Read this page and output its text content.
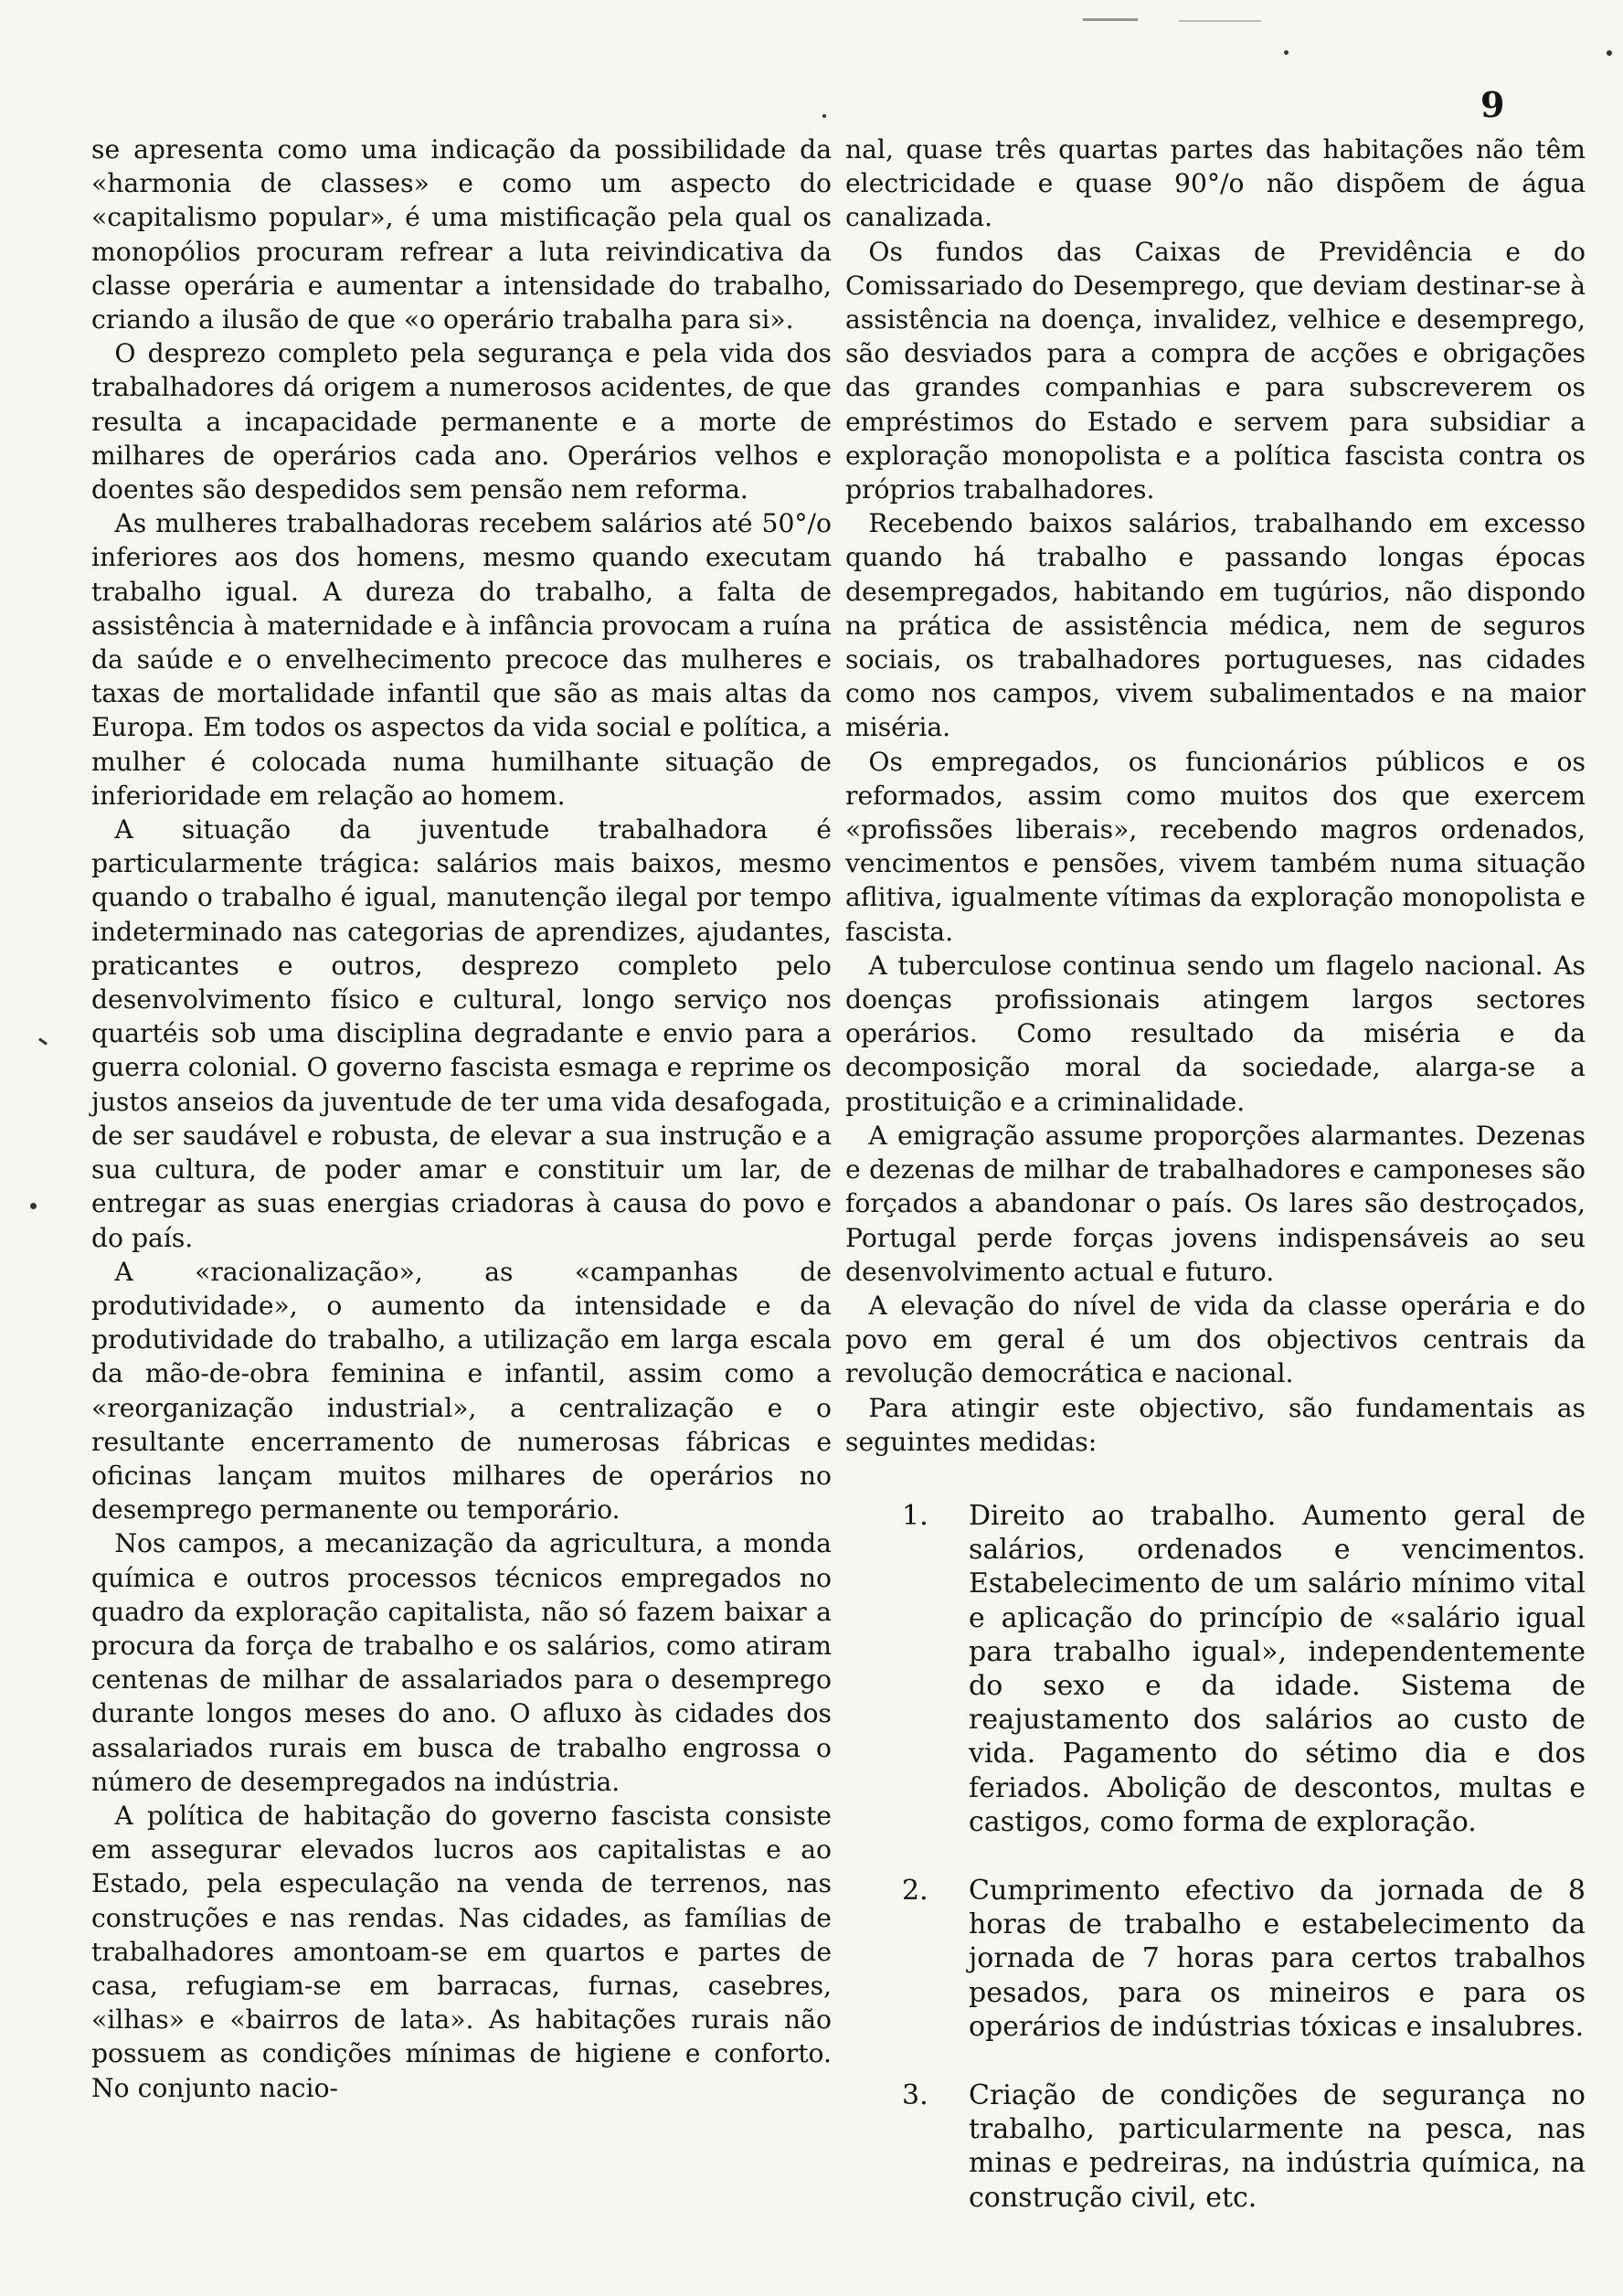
9

se apresenta como uma indicação da possibilidade da «harmonia de classes» e como um aspecto do «capitalismo popular», é uma mistificação pela qual os monopólios procuram refrear a luta reivindicativa da classe operária e aumentar a intensidade do trabalho, criando a ilusão de que «o operário trabalha para si».

O desprezo completo pela segurança e pela vida dos trabalhadores dá origem a numerosos acidentes, de que resulta a incapacidade permanente e a morte de milhares de operários cada ano. Operários velhos e doentes são despedidos sem pensão nem reforma.

As mulheres trabalhadoras recebem salários até 50°/o inferiores aos dos homens, mesmo quando executam trabalho igual. A dureza do trabalho, a falta de assistência à maternidade e à infância provocam a ruína da saúde e o envelhecimento precoce das mulheres e taxas de mortalidade infantil que são as mais altas da Europa. Em todos os aspectos da vida social e política, a mulher é colocada numa humilhante situação de inferioridade em relação ao homem.

A situação da juventude trabalhadora é particularmente trágica: salários mais baixos, mesmo quando o trabalho é igual, manutenção ilegal por tempo indeterminado nas categorias de aprendizes, ajudantes, praticantes e outros, desprezo completo pelo desenvolvimento físico e cultural, longo serviço nos quartéis sob uma disciplina degradante e envio para a guerra colonial. O governo fascista esmaga e reprime os justos anseios da juventude de ter uma vida desafogada, de ser saudável e robusta, de elevar a sua instrução e a sua cultura, de poder amar e constituir um lar, de entregar as suas energias criadoras à causa do povo e do país.

A «racionalização», as «campanhas de produtividade», o aumento da intensidade e da produtividade do trabalho, a utilização em larga escala da mão-de-obra feminina e infantil, assim como a «reorganização industrial», a centralização e o resultante encerramento de numerosas fábricas e oficinas lançam muitos milhares de operários no desemprego permanente ou temporário.

Nos campos, a mecanização da agricultura, a monda química e outros processos técnicos empregados no quadro da exploração capitalista, não só fazem baixar a procura da força de trabalho e os salários, como atiram centenas de milhar de assalariados para o desemprego durante longos meses do ano. O afluxo às cidades dos assalariados rurais em busca de trabalho engrossa o número de desempregados na indústria.

A política de habitação do governo fascista consiste em assegurar elevados lucros aos capitalistas e ao Estado, pela especulação na venda de terrenos, nas construções e nas rendas. Nas cidades, as famílias de trabalhadores amontoam-se em quartos e partes de casa, refugiam-se em barracas, furnas, casebres, «ilhas» e «bairros de lata». As habitações rurais não possuem as condições mínimas de higiene e conforto. No conjunto nacio-

nal, quase três quartas partes das habitações não têm electricidade e quase 90°/o não dispõem de água canalizada.

Os fundos das Caixas de Previdência e do Comissariado do Desemprego, que deviam destinar-se à assistência na doença, invalidez, velhice e desemprego, são desviados para a compra de acções e obrigações das grandes companhias e para subscreverem os empréstimos do Estado e servem para subsidiar a exploração monopolista e a política fascista contra os próprios trabalhadores.

Recebendo baixos salários, trabalhando em excesso quando há trabalho e passando longas épocas desempregados, habitando em tugúrios, não dispondo na prática de assistência médica, nem de seguros sociais, os trabalhadores portugueses, nas cidades como nos campos, vivem subalimentados e na maior miséria.

Os empregados, os funcionários públicos e os reformados, assim como muitos dos que exercem «profissões liberais», recebendo magros ordenados, vencimentos e pensões, vivem também numa situação aflitiva, igualmente vítimas da exploração monopolista e fascista.

A tuberculose continua sendo um flagelo nacional. As doenças profissionais atingem largos sectores operários. Como resultado da miséria e da decomposição moral da sociedade, alarga-se a prostituição e a criminalidade.

A emigração assume proporções alarmantes. Dezenas e dezenas de milhar de trabalhadores e camponeses são forçados a abandonar o país. Os lares são destroçados, Portugal perde forças jovens indispensáveis ao seu desenvolvimento actual e futuro.

A elevação do nível de vida da classe operária e do povo em geral é um dos objectivos centrais da revolução democrática e nacional.

Para atingir este objectivo, são fundamentais as seguintes medidas:

1.	Direito ao trabalho. Aumento geral de salários, ordenados e vencimentos. Estabelecimento de um salário mínimo vital e aplicação do princípio de «salário igual para trabalho igual», independentemente do sexo e da idade. Sistema de reajustamento dos salários ao custo de vida. Pagamento do sétimo dia e dos feriados. Abolição de descontos, multas e castigos, como forma de exploração.
2.	Cumprimento efectivo da jornada de 8 horas de trabalho e estabelecimento da jornada de 7 horas para certos trabalhos pesados, para os mineiros e para os operários de indústrias tóxicas e insalubres.
3.	Criação de condições de segurança no trabalho, particularmente na pesca, nas minas e pedreiras, na indústria química, na construção civil, etc.
